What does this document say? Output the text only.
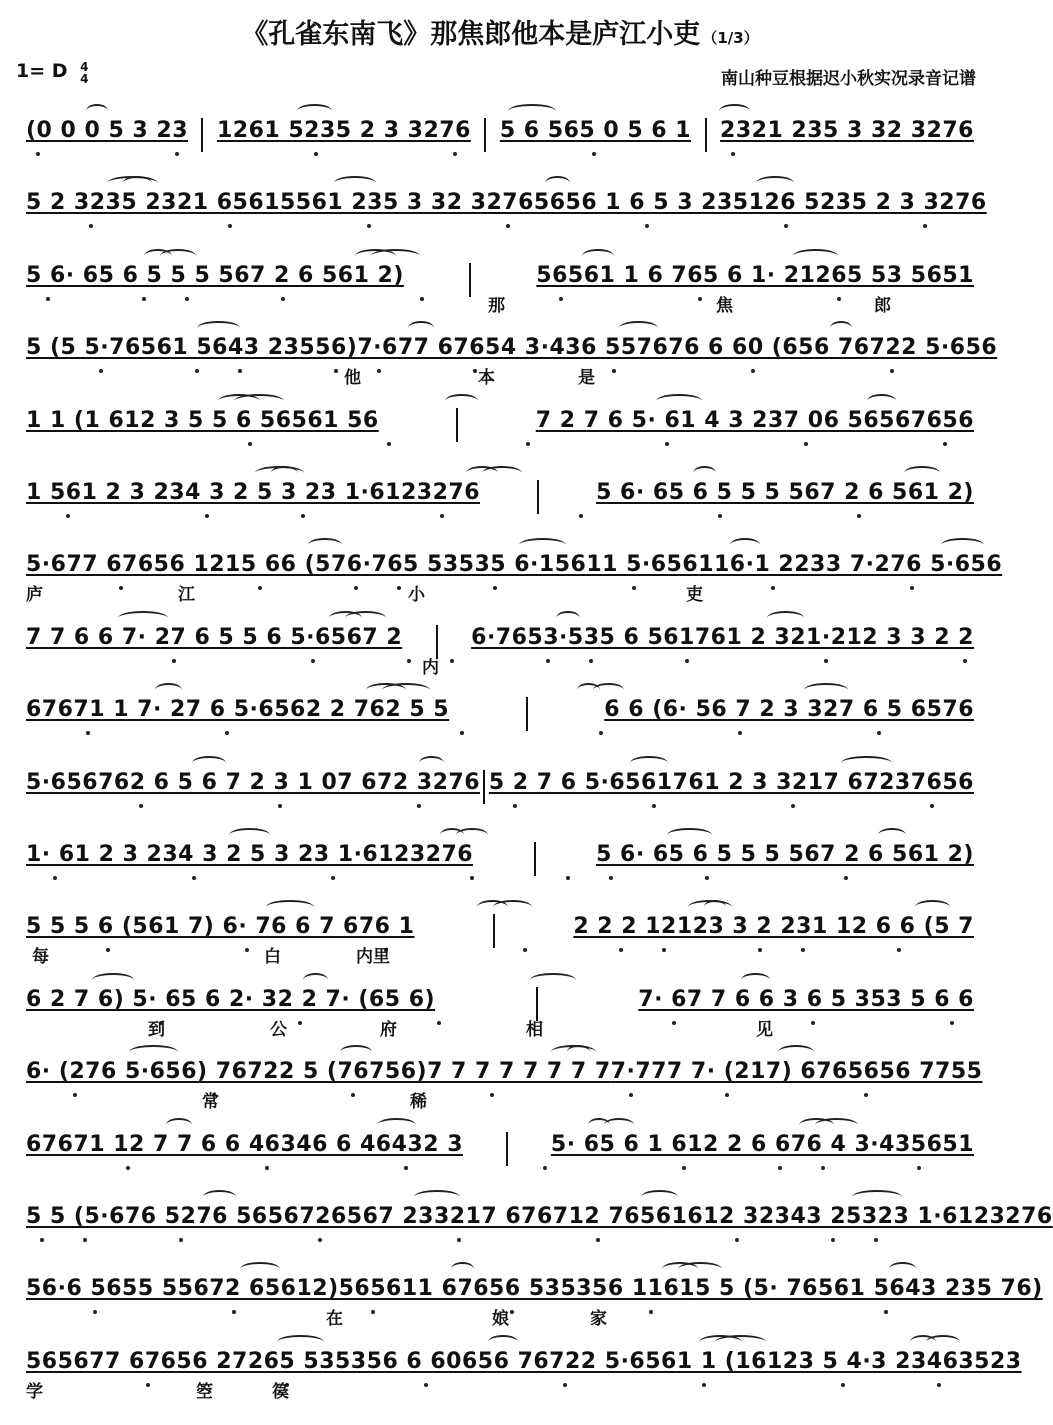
《孔雀东南飞》那焦郎他本是庐江小吏 （1/3）
1= D 4
4	南山种豆根据迟小秋实况录音记谱
(0 0 0 5 3 23 1261 5235 2 3 3276 5 6 565 0 5 6 1 2321 235 3 32 3276
5 2 3235 2321 6561 5561 235 3 32 3276 5656 1 6 5 3 235 126 5235 2 3 3276
5 6· 65 6 5 5 5 567 2 6 561 2)	56561 1 6 765 6 1· 21265 53 5651
那	焦	郎
5 (5 5·76561 5643 23556) 7·677 67654 3·436 55767 6 6 60 (656 76722 5·656
他	本	是
1 1 (1 612 3 5 5 6 56561 56	7 2 7 6 5· 61 4 3 237 06 56567656
1 561 2 3 234 3 2 5 3 23 1·6123276	5 6· 65 6 5 5 5 567 2 6 561 2)
5·677 67656 1215 66 (57 6·765 53535 6·15611 5·656 116·1 2233 7·276 5·656
庐	江	小	吏
7 7 6 6 7· 27 6 5 5 6 5·6567 2	6·7653·535 6 561761 2 321·212 3 3 2 2
内
67671 1 7· 27 6 5·6562 2 762 5 5	6 6 (6· 56 7 2 3 327 6 5 6576
5·656762 6 5 6 7 2 3 1 07 672 3276 5 2 7 6 5·6561761 2 3 3217 67237656
1· 61 2 3 234 3 2 5 3 23 1·6123276	5 6· 65 6 5 5 5 567 2 6 561 2)
5 5 5 6 (561 7) 6· 76 6 7 676 1	2 2 2 12123 3 2 231 12 6 6 (5 7
每	白	内里
6 2 7 6) 5· 65 6 2· 32 2 7· (65 6)	7· 67 7 6 6 3 6 5 353 5 6 6
到	公	府	相	见
6· (276 5·656) 76722 5 (76756) 7 7 7 7 7 7 7 7 7·777 7· (217) 6765656 7755
常	稀
67671 12 7 7 6 6 46346 6 46432 3	5· 65 6 1 612 2 6 676 4 3·435651
5 5 (5·676 5276 565672 6567 233217 676712 7656 1612 32343 25323 1·6123276
56·6 5655 55672 65612) 565611 67656 535356 1161 5 5 (5· 76561 5643 235 76)
在	娘	家
565677 67656 27265 53535 6 6 60656 76722 5·656 1 1 (16123 5 4·3 23463523
学	箜	篌
